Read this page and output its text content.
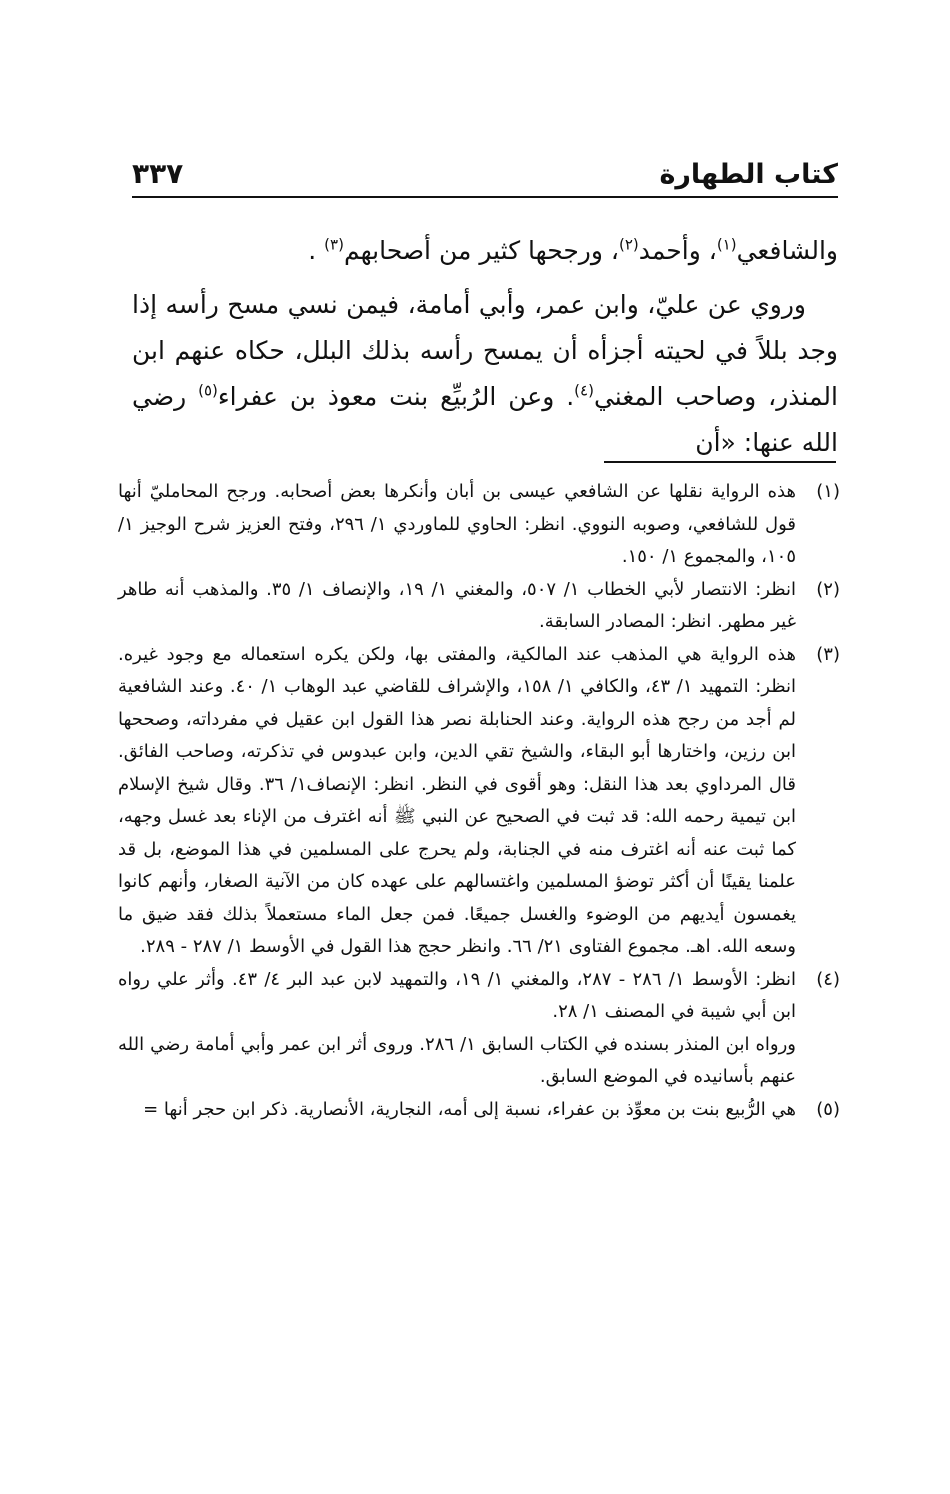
كتاب الطهارة
٣٣٧

والشافعي$^{(١)}$، وأحمد$^{(٢)}$، ورجحها كثير من أصحابهم$^{(٣)}$ .

وروي عن عليّ، وابن عمر، وأبي أمامة، فيمن نسي مسح رأسه إذا وجد بللاً في لحيته أجزأه أن يمسح رأسه بذلك البلل، حكاه عنهم ابن المنذر، وصاحب المغني$^{(٤)}$. وعن الرُبيِّع بنت معوذ بن عفراء$^{(٥)}$ رضي الله عنها: «أن

(١)

هذه الرواية نقلها عن الشافعي عيسى بن أبان وأنكرها بعض أصحابه. ورجح المحامليّ أنها قول للشافعي، وصوبه النووي. انظر: الحاوي للماوردي ١/ ٢٩٦، وفتح العزيز شرح الوجيز ١/ ١٠٥، والمجموع ١/ ١٥٠.

(٢)

انظر: الانتصار لأبي الخطاب ١/ ٥٠٧، والمغني ١/ ١٩، والإنصاف ١/ ٣٥. والمذهب أنه طاهر غير مطهر. انظر: المصادر السابقة.

(٣)

هذه الرواية هي المذهب عند المالكية، والمفتى بها، ولكن يكره استعماله مع وجود غيره. انظر: التمهيد ١/ ٤٣، والكافي ١/ ١٥٨، والإشراف للقاضي عبد الوهاب ١/ ٤٠. وعند الشافعية لم أجد من رجح هذه الرواية. وعند الحنابلة نصر هذا القول ابن عقيل في مفرداته، وصححها ابن رزين، واختارها أبو البقاء، والشيخ تقي الدين، وابن عبدوس في تذكرته، وصاحب الفائق. قال المرداوي بعد هذا النقل: وهو أقوى في النظر. انظر: الإنصاف١/ ٣٦. وقال شيخ الإسلام ابن تيمية رحمه الله: قد ثبت في الصحيح عن النبي ﷺ أنه اغترف من الإناء بعد غسل وجهه، كما ثبت عنه أنه اغترف منه في الجنابة، ولم يحرج على المسلمين في هذا الموضع، بل قد علمنا يقينًا أن أكثر توضؤ المسلمين واغتسالهم على عهده كان من الآنية الصغار، وأنهم كانوا يغمسون أيديهم من الوضوء والغسل جميعًا. فمن جعل الماء مستعملاً بذلك فقد ضيق ما وسعه الله. اهـ. مجموع الفتاوى ٢١/ ٦٦. وانظر حجج هذا القول في الأوسط ١/ ٢٨٧ - ٢٨٩.

(٤)

انظر: الأوسط ١/ ٢٨٦ - ٢٨٧، والمغني ١/ ١٩، والتمهيد لابن عبد البر ٤/ ٤٣. وأثر علي رواه ابن أبي شيبة في المصنف ١/ ٢٨.

ورواه ابن المنذر بسنده في الكتاب السابق ١/ ٢٨٦. وروى أثر ابن عمر وأبي أمامة رضي الله عنهم بأسانيده في الموضع السابق.

(٥)

هي الرُّبيع بنت بن معوِّذ بن عفراء، نسبة إلى أمه، النجارية، الأنصارية. ذكر ابن حجر أنها =
